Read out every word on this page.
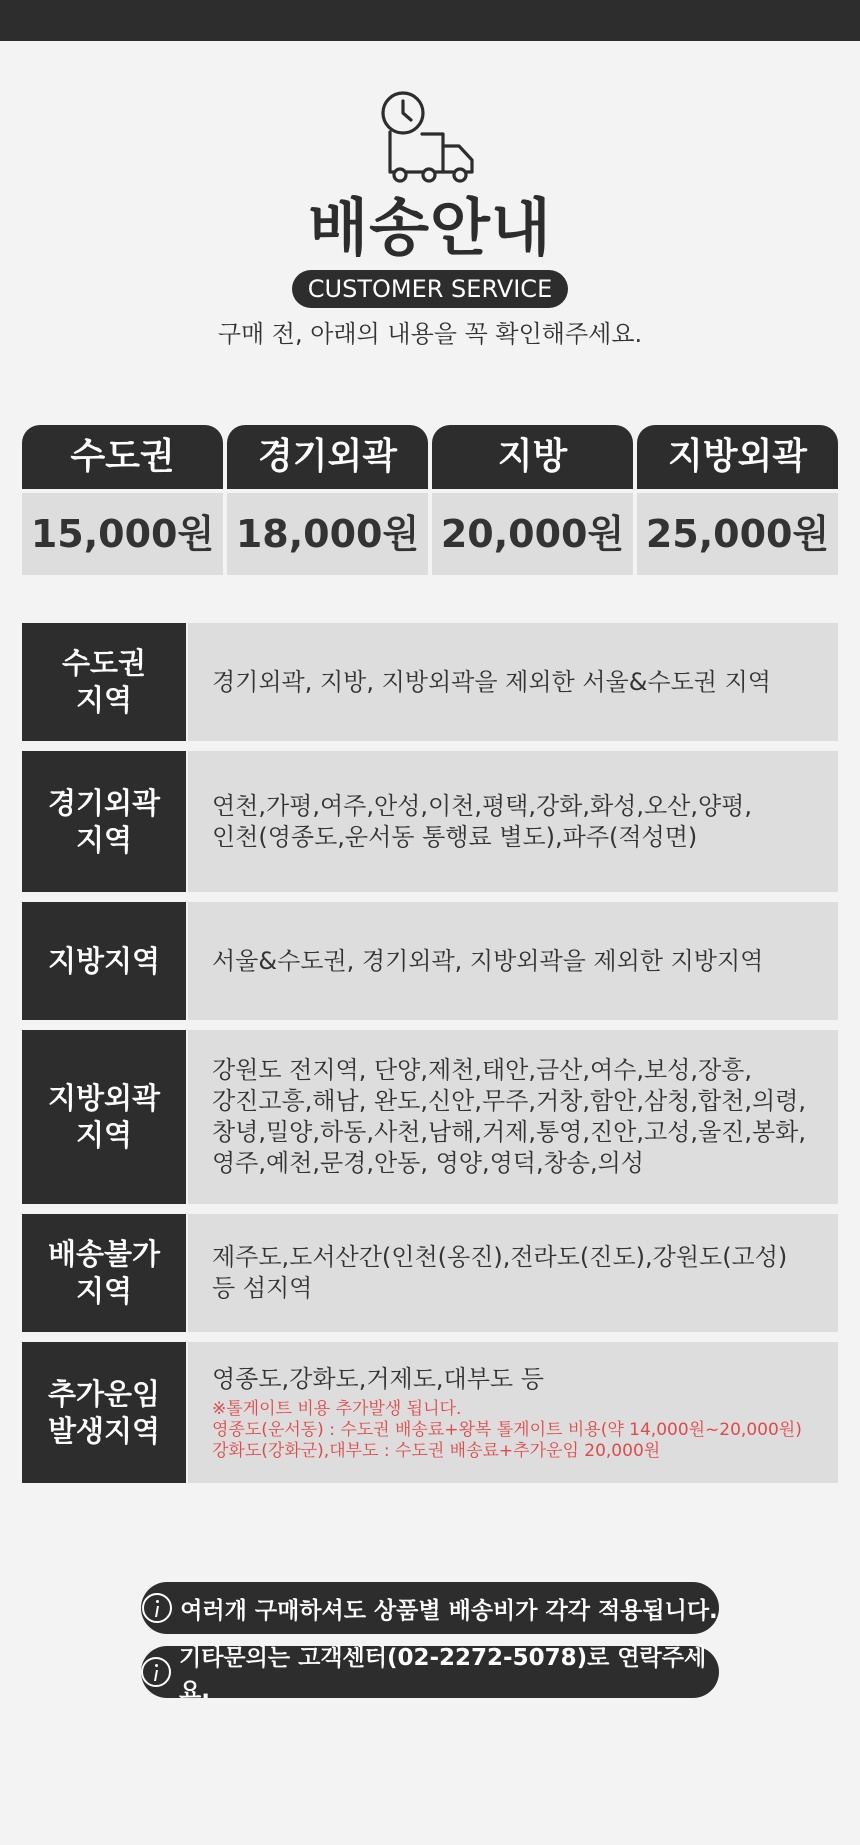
배송안내
CUSTOMER SERVICE
구매 전, 아래의 내용을 꼭 확인해주세요.
수도권
15,000원
경기외곽
18,000원
지방
20,000원
지방외곽
25,000원
수도권
지역
경기외곽, 지방, 지방외곽을 제외한 서울&수도권 지역
경기외곽
지역
연천,가평,여주,안성,이천,평택,강화,화성,오산,양평,
인천(영종도,운서동 통행료 별도),파주(적성면)
지방지역 서울&수도권, 경기외곽, 지방외곽을 제외한 지방지역
지방외곽
지역
강원도 전지역, 단양,제천,태안,금산,여수,보성,장흥,
강진고흥,해남, 완도,신안,무주,거창,함안,삼청,합천,의령,
창녕,밀양,하동,사천,남해,거제,통영,진안,고성,울진,봉화,
영주,예천,문경,안동, 영양,영덕,창송,의성
배송불가
지역
제주도,도서산간(인천(옹진),전라도(진도),강원도(고성)
등 섬지역
추가운임
발생지역
영종도,강화도,거제도,대부도 등
※톨게이트 비용 추가발생 됩니다.
영종도(운서동) : 수도권 배송료+왕복 톨게이트 비용(약 14,000원~20,000원)
강화도(강화군),대부도 : 수도권 배송료+추가운임 20,000원
여러개 구매하셔도 상품별 배송비가 각각 적용됩니다.
기타문의는 고객센터(02-2272-5078)로 연락주세요.
